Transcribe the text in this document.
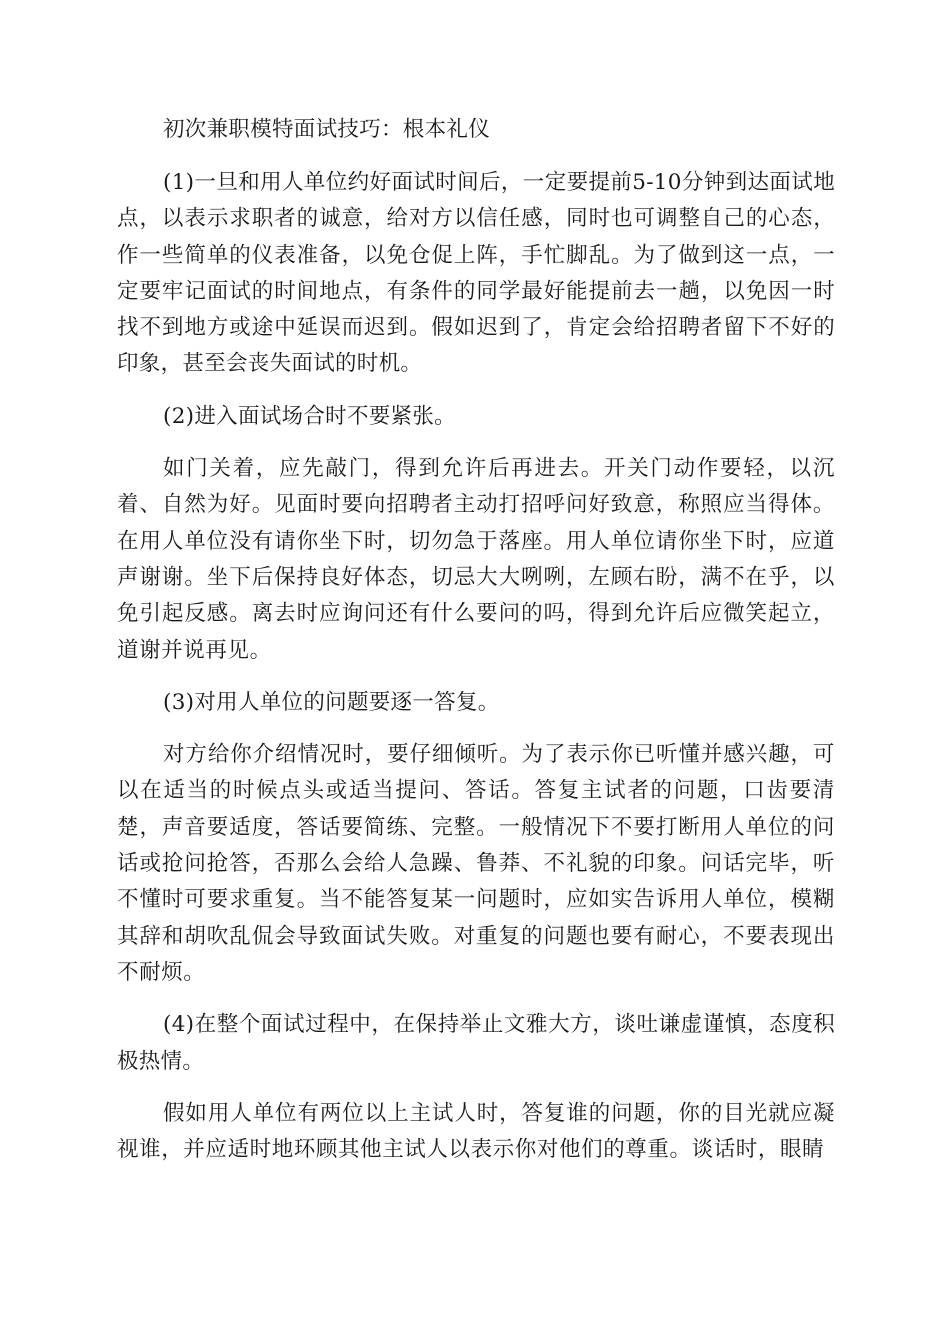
初次兼职模特面试技巧：根本礼仪

(1)一旦和用人单位约好面试时间后，一定要提前5-10分钟到达面试地点，以表示求职者的诚意，给对方以信任感，同时也可调整自己的心态，作一些简单的仪表准备，以免仓促上阵，手忙脚乱。为了做到这一点，一定要牢记面试的时间地点，有条件的同学最好能提前去一趟，以免因一时找不到地方或途中延误而迟到。假如迟到了，肯定会给招聘者留下不好的印象，甚至会丧失面试的时机。

(2)进入面试场合时不要紧张。

如门关着，应先敲门，得到允许后再进去。开关门动作要轻，以沉着、自然为好。见面时要向招聘者主动打招呼问好致意，称照应当得体。在用人单位没有请你坐下时，切勿急于落座。用人单位请你坐下时，应道声谢谢。坐下后保持良好体态，切忌大大咧咧，左顾右盼，满不在乎，以免引起反感。离去时应询问还有什么要问的吗，得到允许后应微笑起立，道谢并说再见。

(3)对用人单位的问题要逐一答复。

对方给你介绍情况时，要仔细倾听。为了表示你已听懂并感兴趣，可以在适当的时候点头或适当提问、答话。答复主试者的问题，口齿要清楚，声音要适度，答话要简练、完整。一般情况下不要打断用人单位的问话或抢问抢答，否那么会给人急躁、鲁莽、不礼貌的印象。问话完毕，听不懂时可要求重复。当不能答复某一问题时，应如实告诉用人单位，模糊其辞和胡吹乱侃会导致面试失败。对重复的问题也要有耐心，不要表现出不耐烦。

(4)在整个面试过程中，在保持举止文雅大方，谈吐谦虚谨慎，态度积极热情。

假如用人单位有两位以上主试人时，答复谁的问题，你的目光就应凝视谁，并应适时地环顾其他主试人以表示你对他们的尊重。谈话时，眼睛
